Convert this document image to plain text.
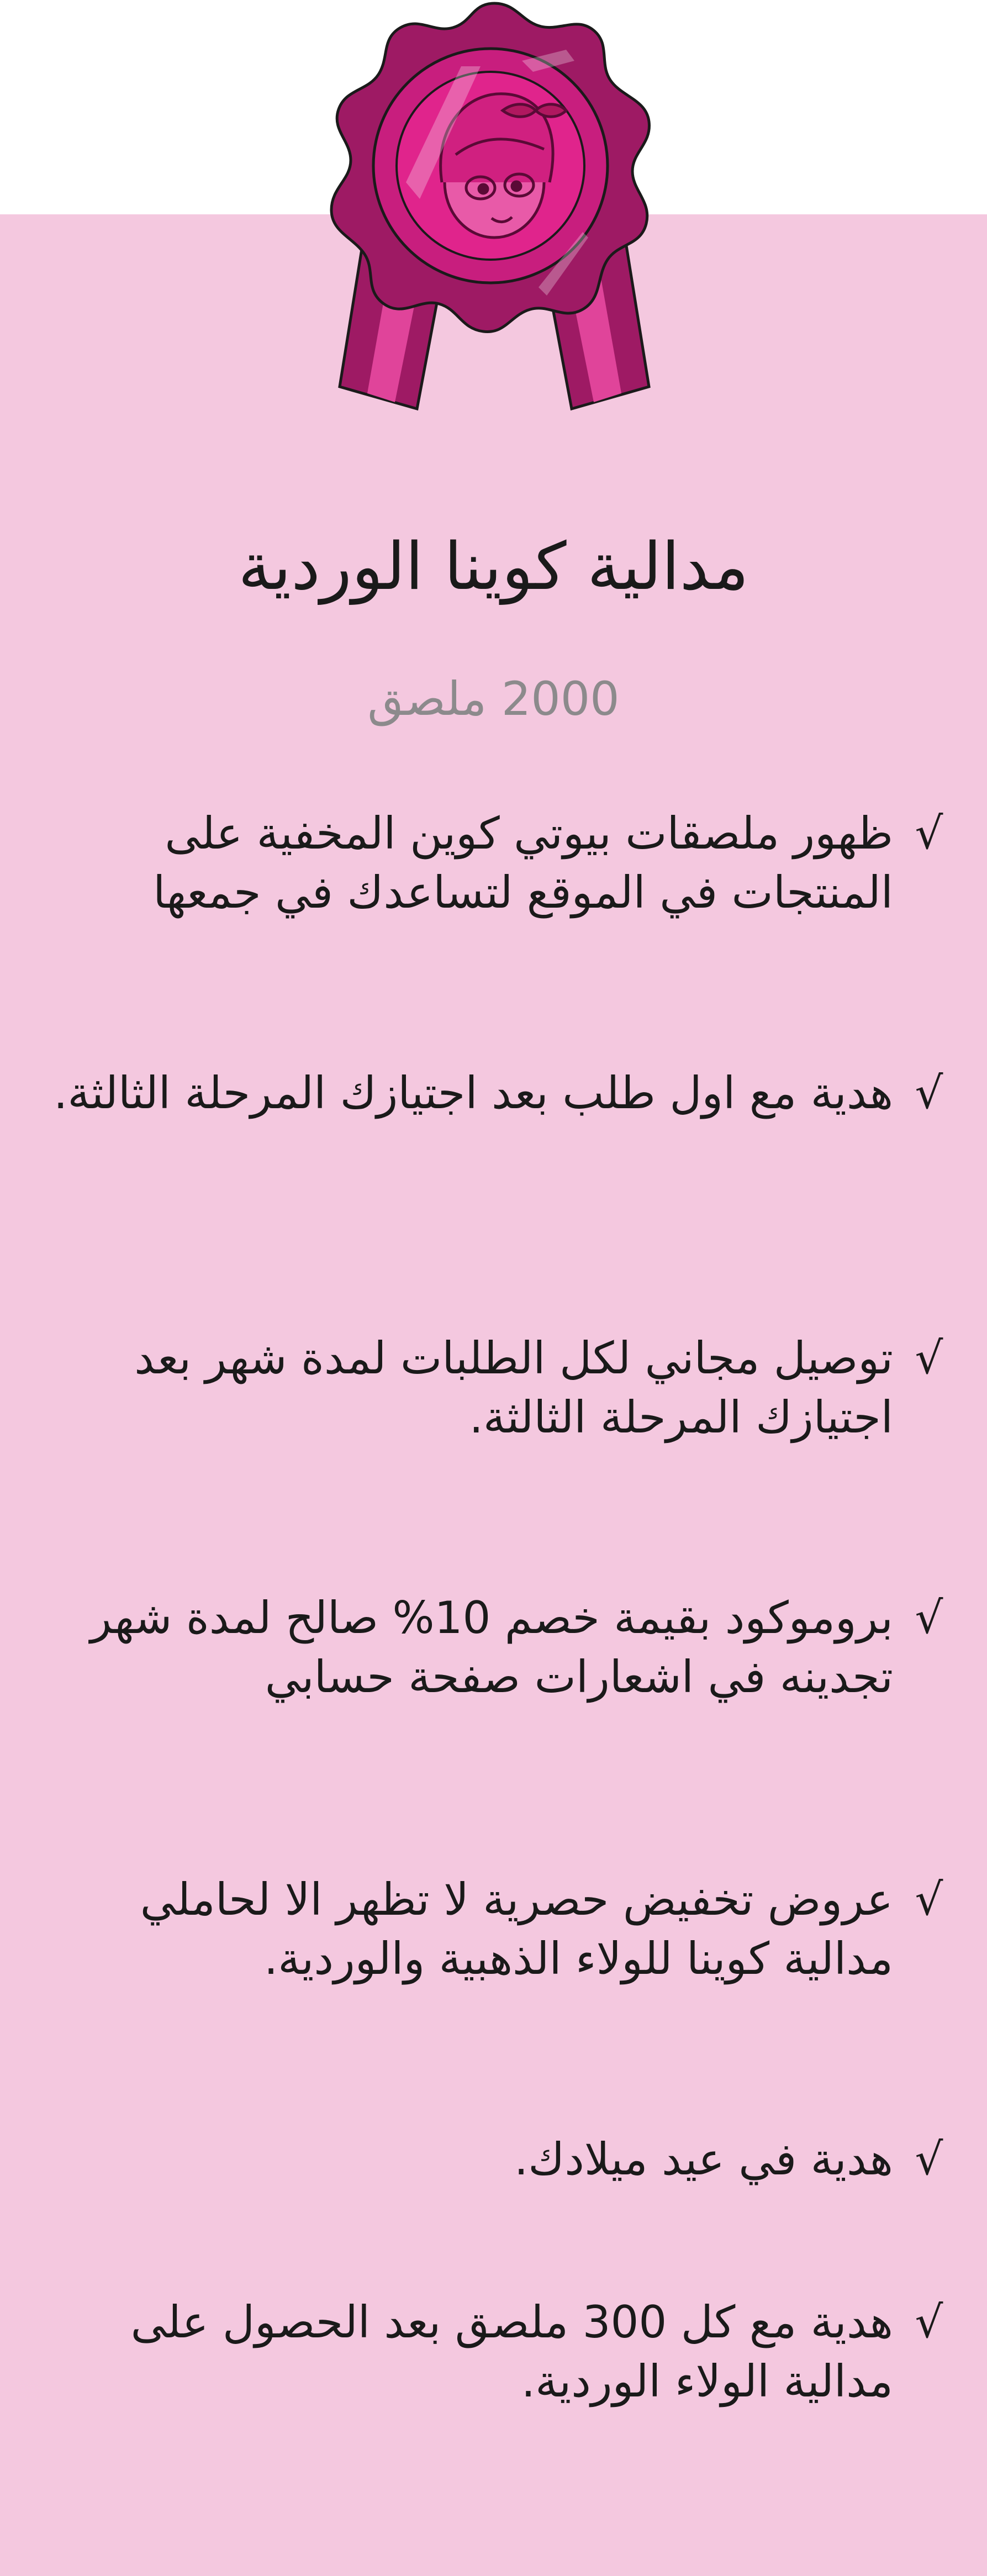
مدالية كوينا الوردية
2000 ملصق
√
ظهور ملصقات بيوتي كوين المخفية على المنتجات في الموقع لتساعدك في جمعها
√
هدية مع اول طلب بعد اجتيازك المرحلة الثالثة.
√
توصيل مجاني لكل الطلبات لمدة شهر بعد اجتيازك المرحلة الثالثة.
√
بروموكود بقيمة خصم 10% صالح لمدة شهر تجدينه في اشعارات صفحة حسابي
√
عروض تخفيض حصرية لا تظهر الا لحاملي مدالية كوينا للولاء الذهبية والوردية.
√
هدية في عيد ميلادك.
√
هدية مع كل 300 ملصق بعد الحصول على مدالية الولاء الوردية.
